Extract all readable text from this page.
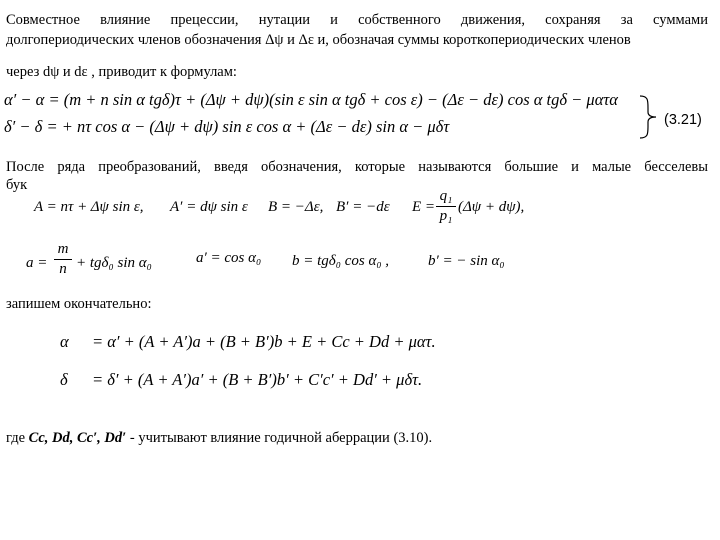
Совместное влияние прецессии, нутации и собственного движения, сохраняя за суммами
долгопериодических членов обозначения Δψ и Δε и, обозначая суммы короткопериодических членов
через dψ и dε , приводит к формулам:
α′ − α = (m + n sin α tgδ)τ + (Δψ + dψ)(sin ε sin α tgδ + cos ε) − (Δε − dε) cos α tgδ − ματα
δ′ − δ = + nτ cos α − (Δψ + dψ) sin ε cos α + (Δε − dε) sin α − μδτ	(3.21)
После ряда преобразований, введя обозначения, которые называются большие и малые бесселевы
бук
A = nτ + Δψ sin ε, A′ = dψ sin ε B = −Δε, B′ = −dε E =
q₁
p₁
(Δψ + dψ),
a =
m
n + tgδ₀ sin α₀	a′ = cos α₀ b = tgδ₀ cos α₀ ,	b′ = − sin α₀
запишем окончательно:
α = α′ + (A + A′)a + (B + B′)b + E + Cc + Dd + ματ.
δ = δ′ + (A + A′)a′ + (B + B′)b′ + C′c′ + Dd′ + μδτ.
где Cc, Dd, Cc′, Dd′ - учитывают влияние годичной аберрации (3.10).
